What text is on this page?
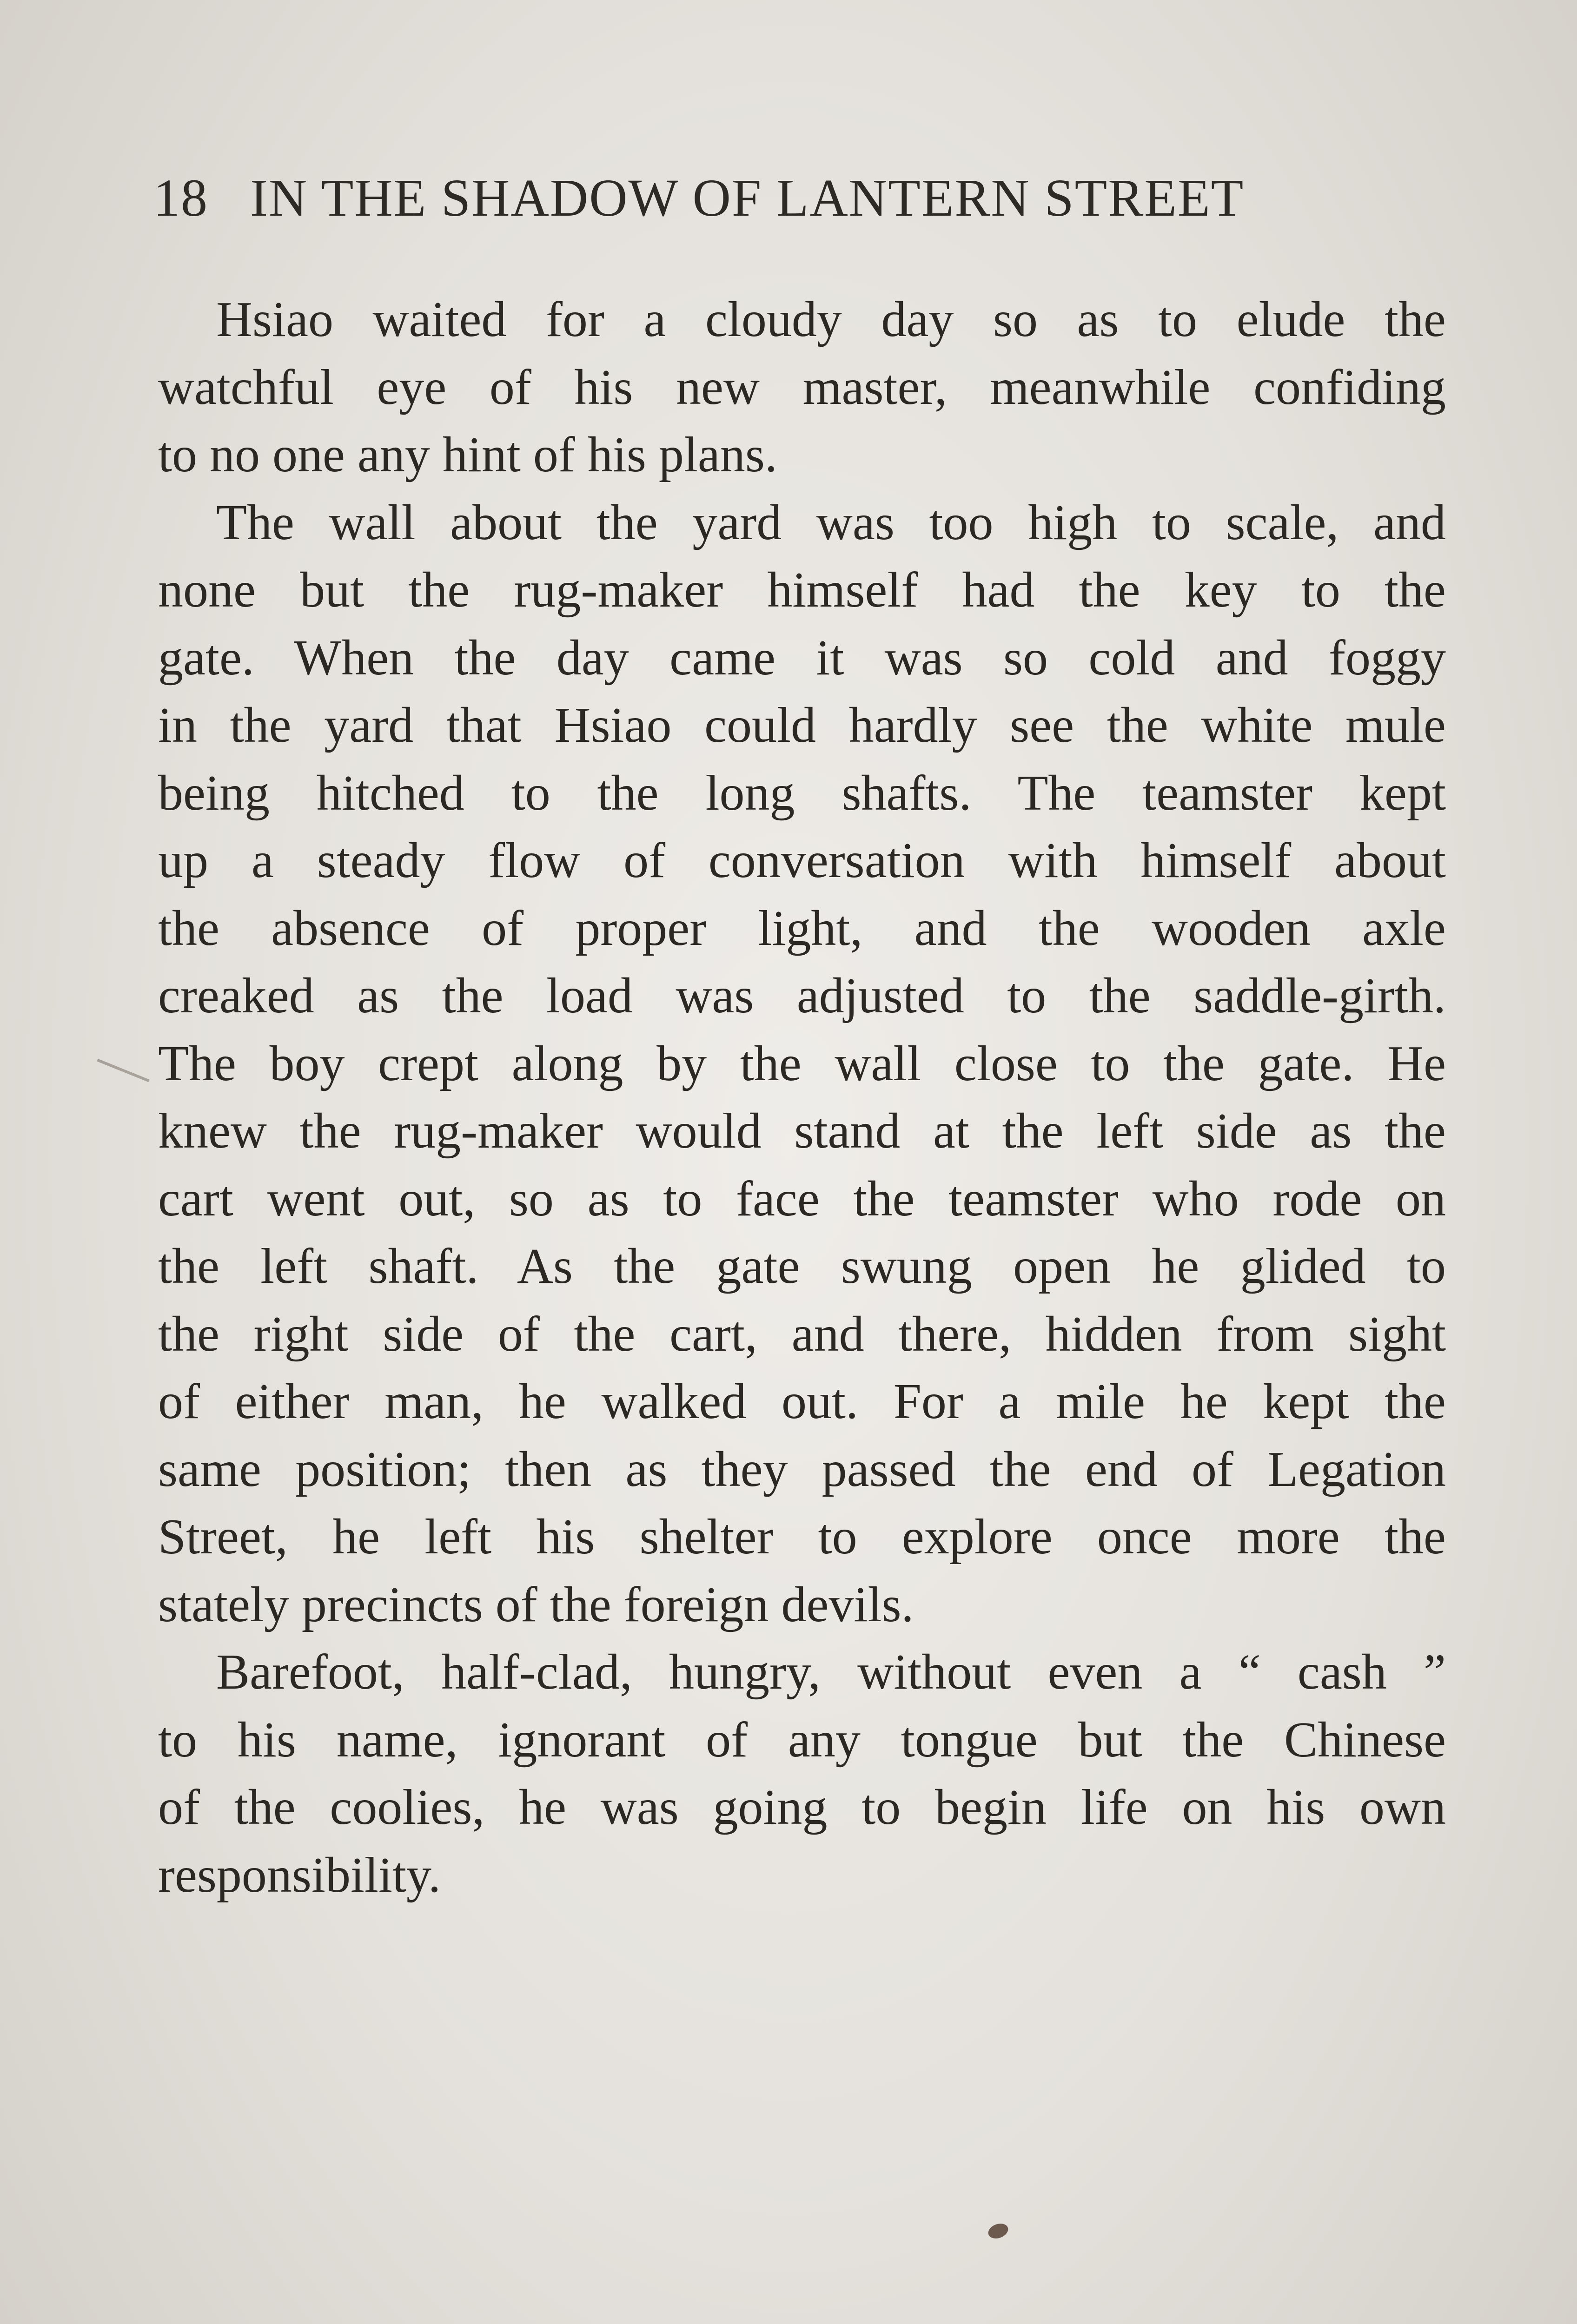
18 IN THE SHADOW OF LANTERN STREET
Hsiao waited for a cloudy day so as to elude the
watchful eye of his new master, meanwhile confiding
to no one any hint of his plans.
The wall about the yard was too high to scale, and
none but the rug-maker himself had the key to the
gate. When the day came it was so cold and foggy
in the yard that Hsiao could hardly see the white mule
being hitched to the long shafts. The teamster kept
up a steady flow of conversation with himself about
the absence of proper light, and the wooden axle
creaked as the load was adjusted to the saddle-girth.
The boy crept along by the wall close to the gate. He
knew the rug-maker would stand at the left side as the
cart went out, so as to face the teamster who rode on
the left shaft. As the gate swung open he glided to
the right side of the cart, and there, hidden from sight
of either man, he walked out. For a mile he kept the
same position; then as they passed the end of Legation
Street, he left his shelter to explore once more the
stately precincts of the foreign devils.
Barefoot, half-clad, hungry, without even a “ cash ”
to his name, ignorant of any tongue but the Chinese
of the coolies, he was going to begin life on his own
responsibility.
